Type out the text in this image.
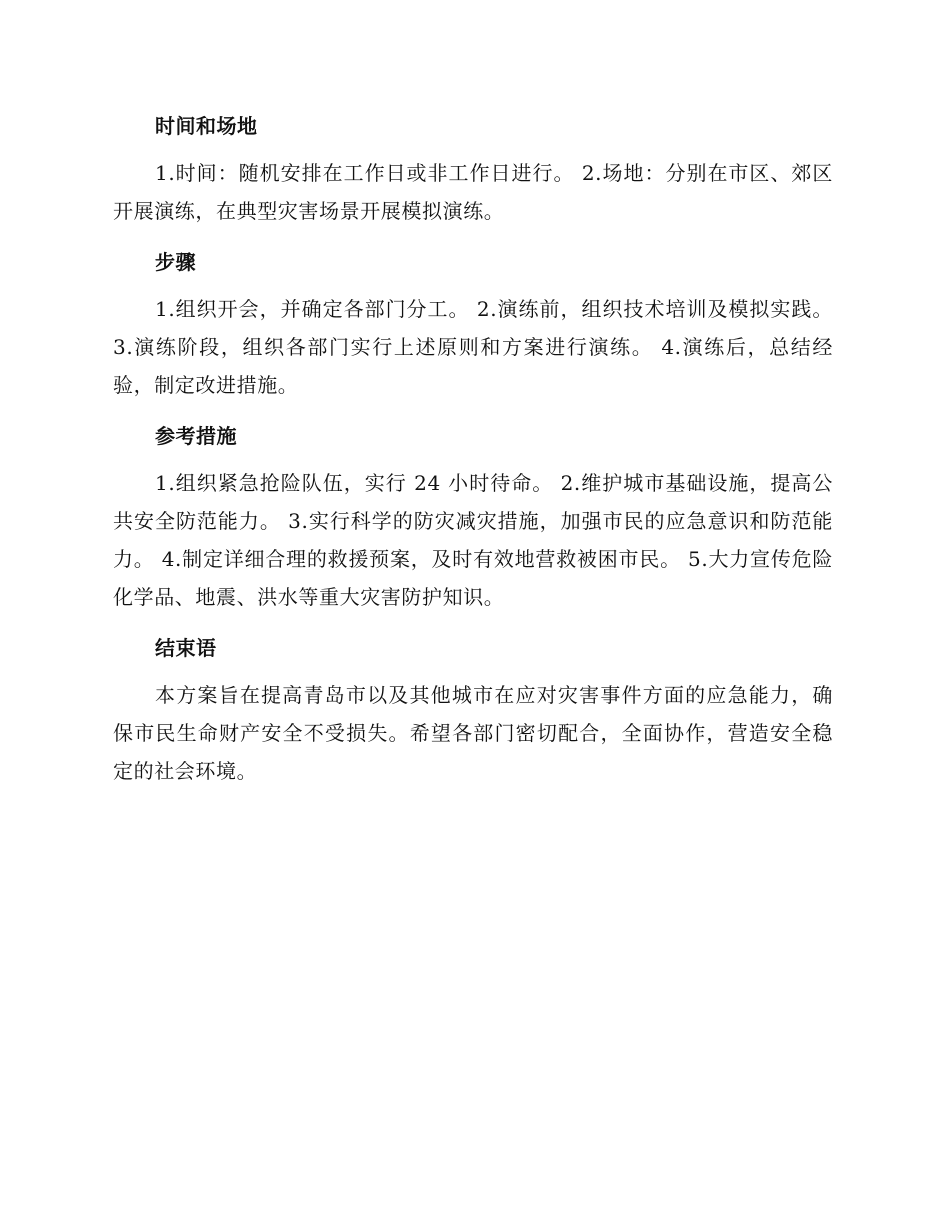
时间和场地

1.时间：随机安排在工作日或非工作日进行。 2.场地：分别在市区、郊区开展演练，在典型灾害场景开展模拟演练。

步骤

1.组织开会，并确定各部门分工。 2.演练前，组织技术培训及模拟实践。 3.演练阶段，组织各部门实行上述原则和方案进行演练。 4.演练后，总结经验，制定改进措施。

参考措施

1.组织紧急抢险队伍，实行 24 小时待命。 2.维护城市基础设施，提高公共安全防范能力。 3.实行科学的防灾减灾措施，加强市民的应急意识和防范能力。 4.制定详细合理的救援预案，及时有效地营救被困市民。 5.大力宣传危险化学品、地震、洪水等重大灾害防护知识。

结束语

本方案旨在提高青岛市以及其他城市在应对灾害事件方面的应急能力，确保市民生命财产安全不受损失。希望各部门密切配合，全面协作，营造安全稳定的社会环境。
